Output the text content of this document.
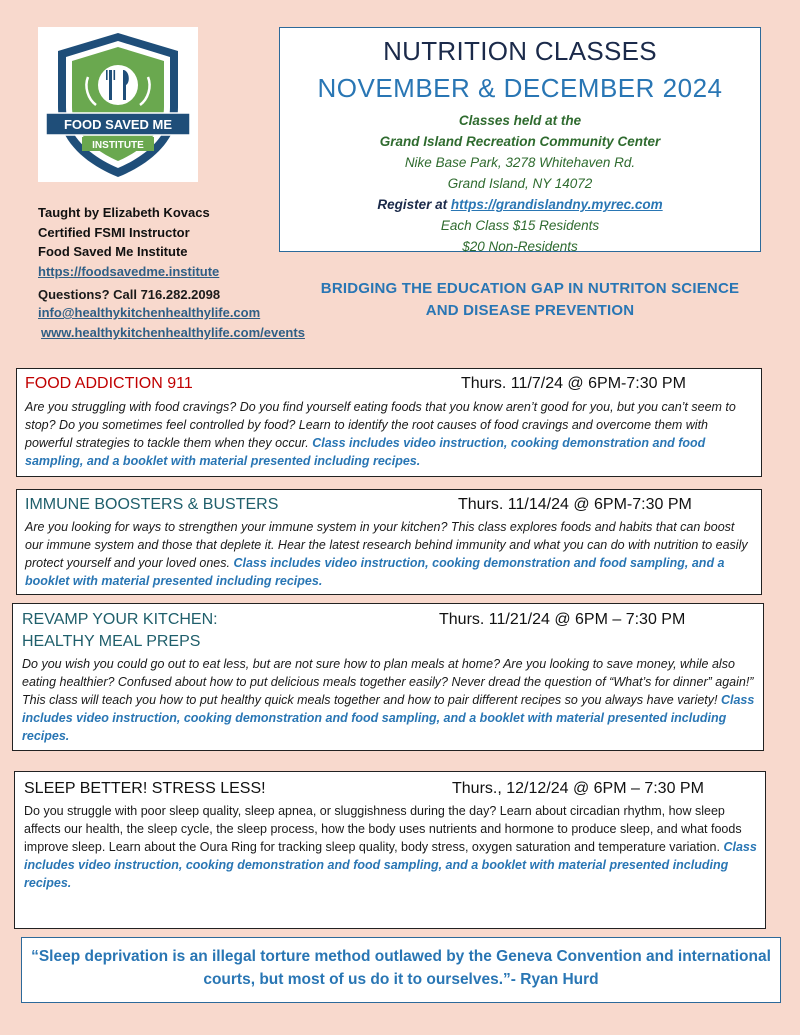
FOOD SAVED ME
INSTITUTE
Taught by Elizabeth Kovacs
Certified FSMI Instructor
Food Saved Me Institute
https://foodsavedme.institute
Questions? Call 716.282.2098
info@healthykitchenhealthylife.com
www.healthykitchenhealthylife.com/events
NUTRITION CLASSES
NOVEMBER & DECEMBER 2024
Classes held at the
Grand Island Recreation Community Center
Nike Base Park, 3278 Whitehaven Rd.
Grand Island, NY 14072
Register at https://grandislandny.myrec.com
Each Class $15 Residents
$20 Non-Residents
BRIDGING THE EDUCATION GAP IN NUTRITON SCIENCE
AND DISEASE PREVENTION
FOOD ADDICTION 911	Thurs. 11/7/24 @ 6PM-7:30 PM
Are you struggling with food cravings? Do you find yourself eating foods that you know aren’t good for you, but you can’t seem to stop? Do you sometimes feel controlled by food? Learn to identify the root causes of food cravings and overcome them with powerful strategies to tackle them when they occur. Class includes video instruction, cooking demonstration and food sampling, and a booklet with material presented including recipes.
IMMUNE BOOSTERS & BUSTERS	Thurs. 11/14/24 @ 6PM-7:30 PM
Are you looking for ways to strengthen your immune system in your kitchen? This class explores foods and habits that can boost our immune system and those that deplete it. Hear the latest research behind immunity and what you can do with nutrition to easily protect yourself and your loved ones. Class includes video instruction, cooking demonstration and food sampling, and a booklet with material presented including recipes.
REVAMP YOUR KITCHEN:
HEALTHY MEAL PREPS
Thurs. 11/21/24 @ 6PM – 7:30 PM
Do you wish you could go out to eat less, but are not sure how to plan meals at home? Are you looking to save money, while also eating healthier? Confused about how to put delicious meals together easily? Never dread the question of “What’s for dinner” again!” This class will teach you how to put healthy quick meals together and how to pair different recipes so you always have variety! Class includes video instruction, cooking demonstration and food sampling, and a booklet with material presented including recipes.
SLEEP BETTER! STRESS LESS!	Thurs., 12/12/24 @ 6PM – 7:30 PM
Do you struggle with poor sleep quality, sleep apnea, or sluggishness during the day? Learn about circadian rhythm, how sleep affects our health, the sleep cycle, the sleep process, how the body uses nutrients and hormone to produce sleep, and what foods improve sleep. Learn about the Oura Ring for tracking sleep quality, body stress, oxygen saturation and temperature variation. Class includes video instruction, cooking demonstration and food sampling, and a booklet with material presented including recipes.
“Sleep deprivation is an illegal torture method outlawed by the Geneva Convention and international courts, but most of us do it to ourselves.”- Ryan Hurd
